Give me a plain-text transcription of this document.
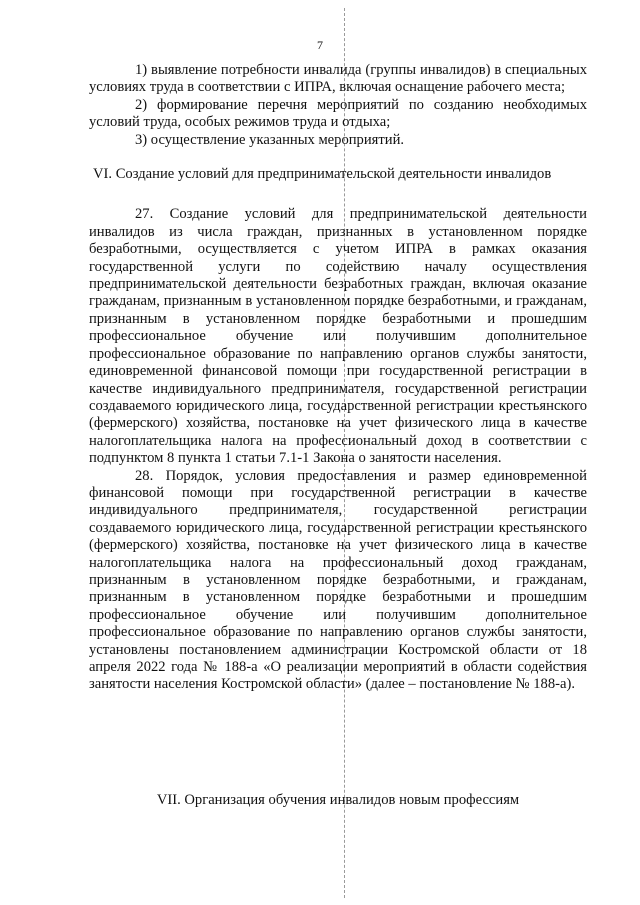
7

1) выявление потребности инвалида (группы инвалидов) в специальных условиях труда в соответствии с ИПРА, включая оснащение рабочего места;

2) формирование перечня мероприятий по созданию необходимых условий труда, особых режимов труда и отдыха;

3) осуществление указанных мероприятий.

VI. Создание условий для предпринимательской деятельности инвалидов

27. Создание условий для предпринимательской деятельности инвалидов из числа граждан, признанных в установленном порядке безработными, осуществляется с учетом ИПРА в рамках оказания государственной услуги по содействию началу осуществления предпринимательской деятельности безработных граждан, включая оказание гражданам, признанным в установленном порядке безработными, и гражданам, признанным в установленном порядке безработными и прошедшим профессиональное обучение или получившим дополнительное профессиональное образование по направлению органов службы занятости, единовременной финансовой помощи при государственной регистрации в качестве индивидуального предпринимателя, государственной регистрации создаваемого юридического лица, государственной регистрации крестьянского (фермерского) хозяйства, постановке на учет физического лица в качестве налогоплательщика налога на профессиональный доход в соответствии с подпунктом 8 пункта 1 статьи 7.1-1 Закона о занятости населения.

28. Порядок, условия предоставления и размер единовременной финансовой помощи при государственной регистрации в качестве индивидуального предпринимателя, государственной регистрации создаваемого юридического лица, государственной регистрации крестьянского (фермерского) хозяйства, постановке на учет физического лица в качестве налогоплательщика налога на профессиональный доход гражданам, признанным в установленном порядке безработными, и гражданам, признанным в установленном порядке безработными и прошедшим профессиональное обучение или получившим дополнительное профессиональное образование по направлению органов службы занятости, установлены постановлением администрации Костромской области от 18 апреля 2022 года № 188-а «О реализации мероприятий в области содействия занятости населения Костромской области» (далее – постановление № 188-а).

VII. Организация обучения инвалидов новым профессиям
